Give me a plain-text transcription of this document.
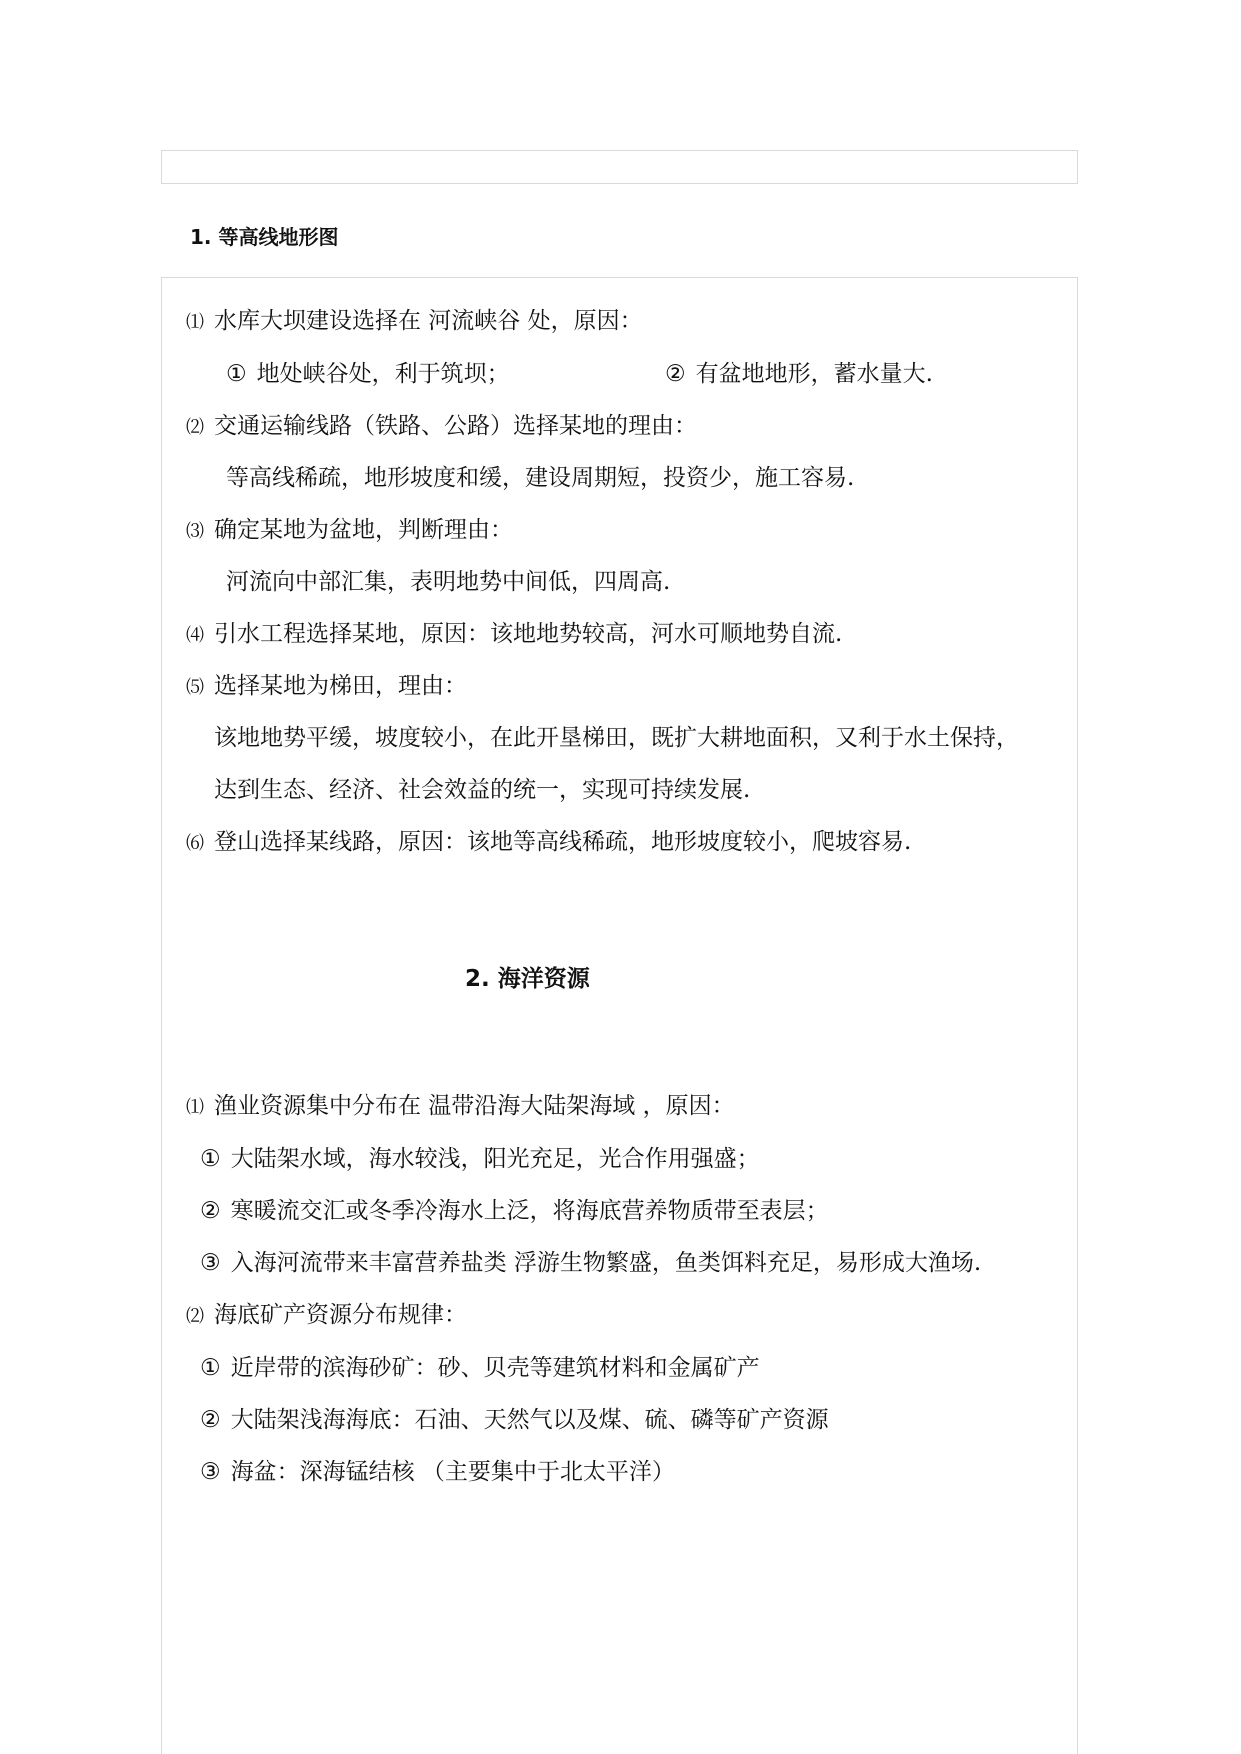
1. 等高线地形图
⑴ 水库大坝建设选择在 河流峡谷 处，原因：
① 地处峡谷处，利于筑坝；	② 有盆地地形，蓄水量大.
⑵ 交通运输线路（铁路、公路）选择某地的理由：
等高线稀疏，地形坡度和缓，建设周期短，投资少，施工容易.
⑶ 确定某地为盆地，判断理由：
河流向中部汇集，表明地势中间低，四周高.
⑷ 引水工程选择某地，原因：该地地势较高，河水可顺地势自流.
⑸ 选择某地为梯田，理由：
该地地势平缓，坡度较小，在此开垦梯田，既扩大耕地面积，又利于水土保持，
达到生态、经济、社会效益的统一，实现可持续发展.
⑹ 登山选择某线路，原因：该地等高线稀疏，地形坡度较小，爬坡容易.
2. 海洋资源
⑴ 渔业资源集中分布在 温带沿海大陆架海域 ，原因：
① 大陆架水域，海水较浅，阳光充足，光合作用强盛；
② 寒暖流交汇或冬季冷海水上泛，将海底营养物质带至表层；
③ 入海河流带来丰富营养盐类 浮游生物繁盛，鱼类饵料充足，易形成大渔场.
⑵ 海底矿产资源分布规律：
① 近岸带的滨海砂矿：砂、贝壳等建筑材料和金属矿产
② 大陆架浅海海底：石油、天然气以及煤、硫、磷等矿产资源
③ 海盆：深海锰结核 （主要集中于北太平洋）
